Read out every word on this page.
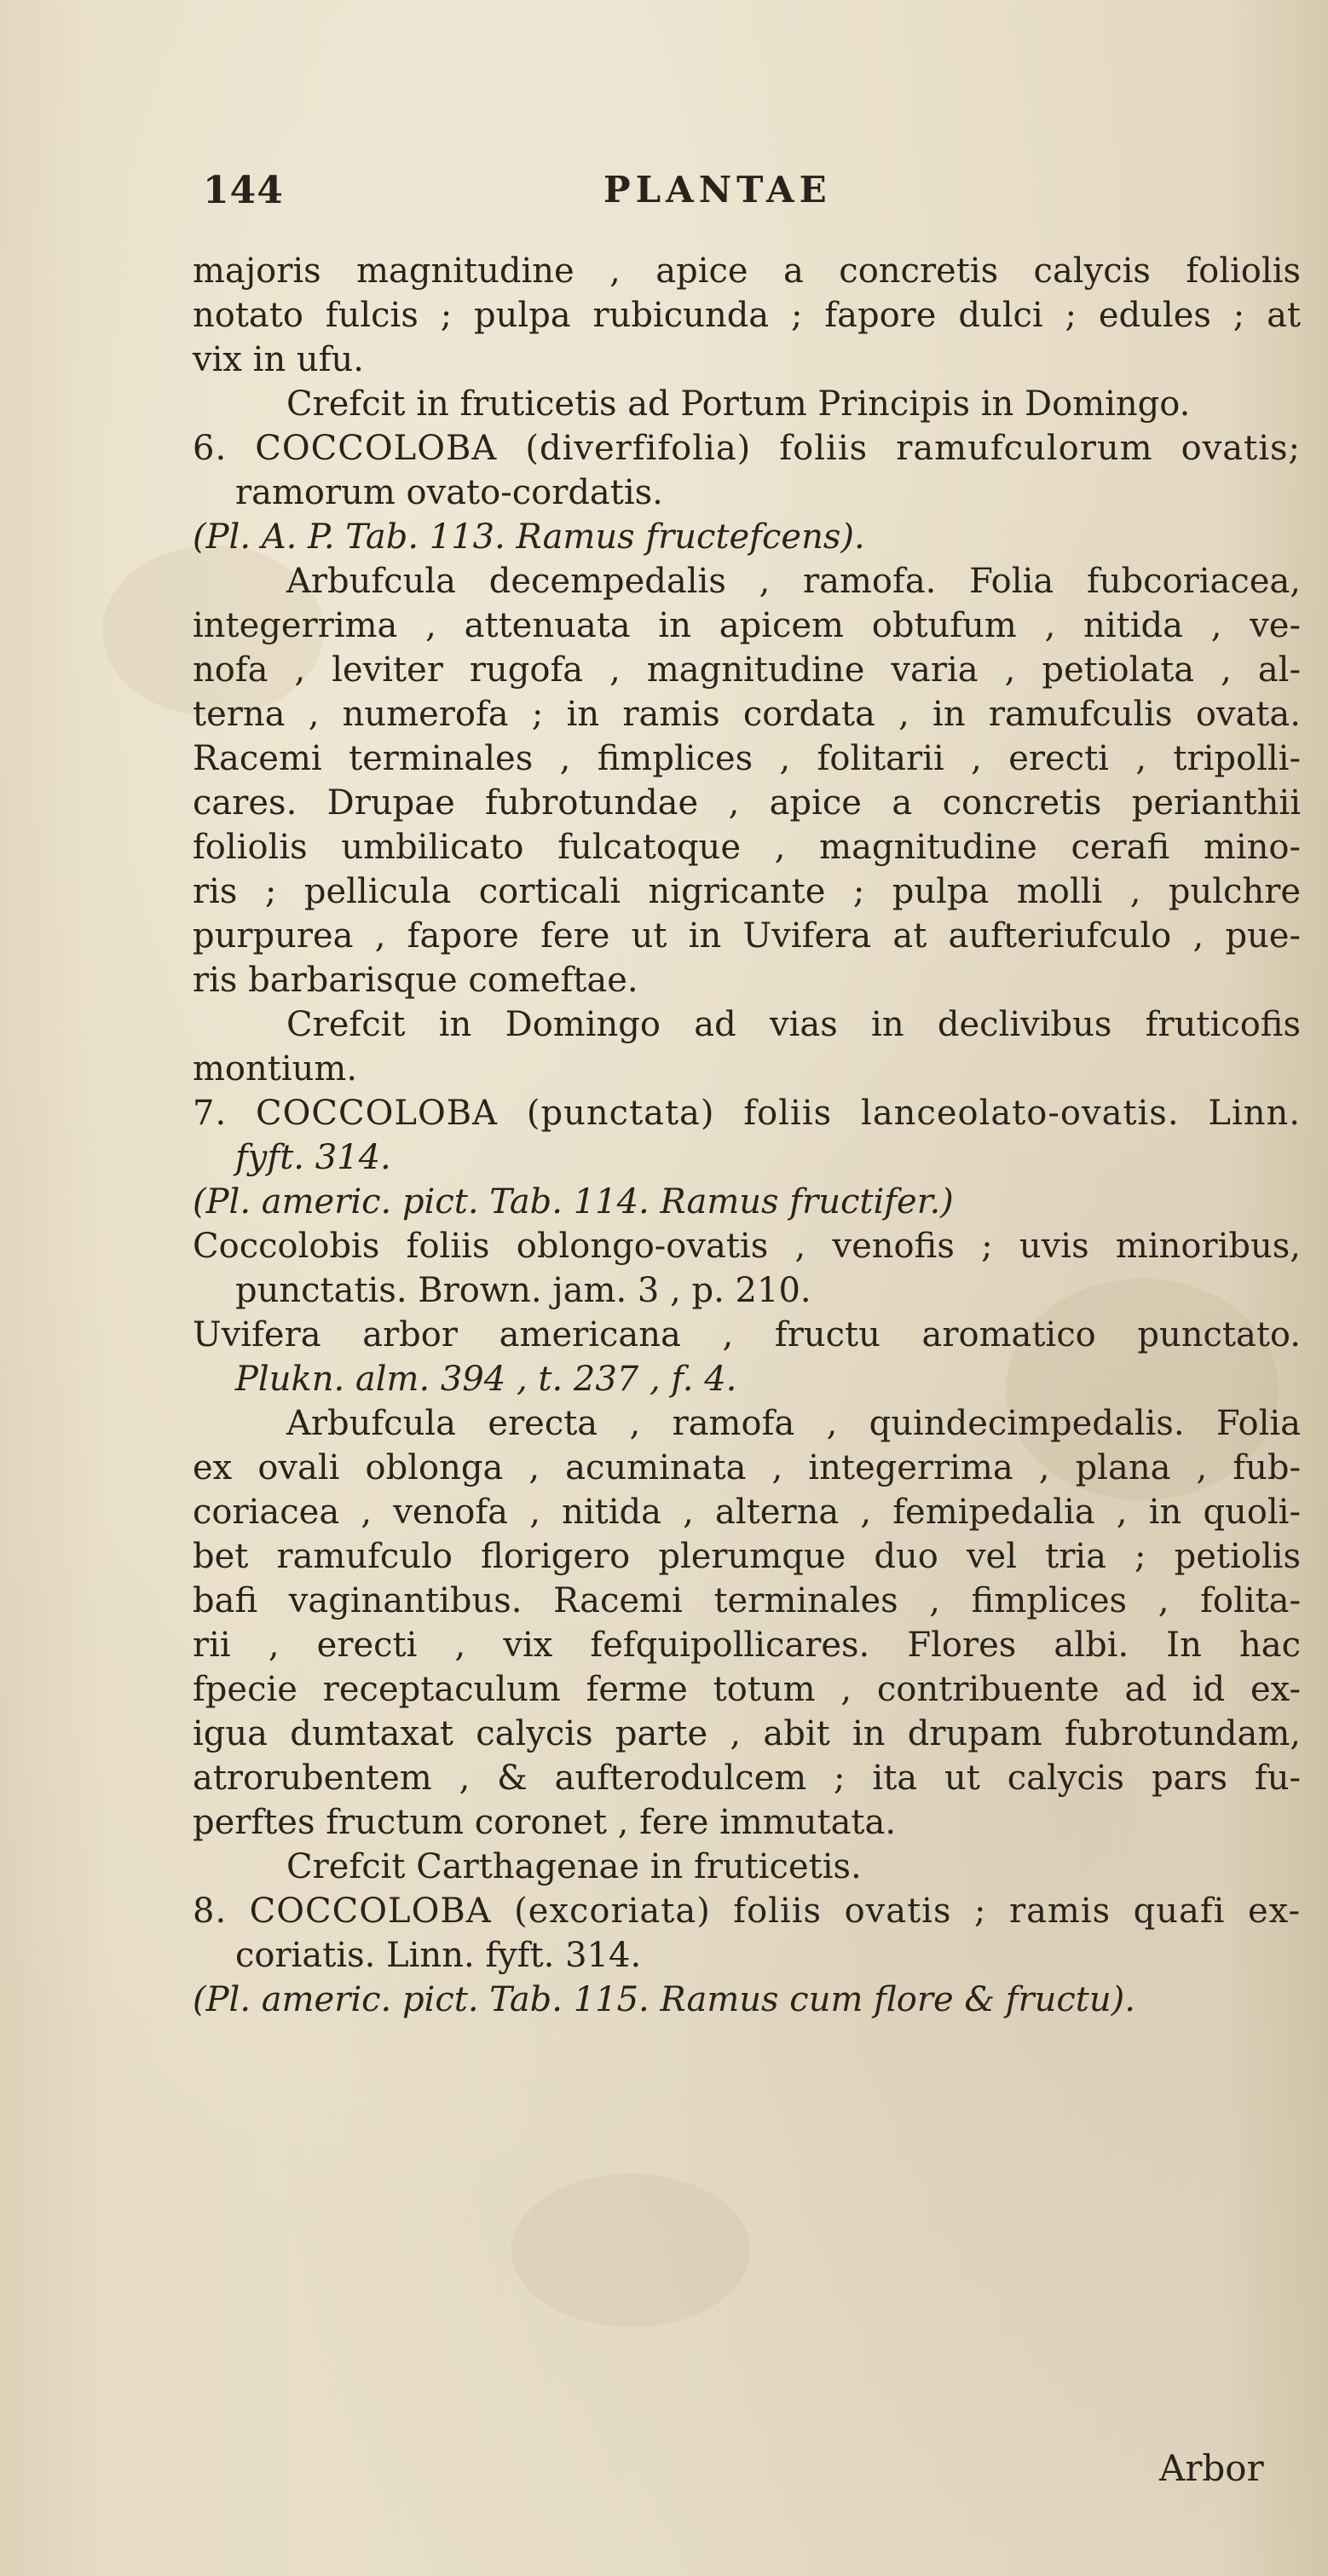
144	PLANTAE
majoris magnitudine , apice a concretis calycis foliolis
notato fulcis ; pulpa rubicunda ; fapore dulci ; edules ; at
vix in ufu.
Crefcit in fruticetis ad Portum Principis in Domingo.
6. COCCOLOBA (diverfifolia) foliis ramufculorum ovatis;
ramorum ovato-cordatis.
(Pl. A. P. Tab. 113. Ramus fructefcens).
Arbufcula decempedalis , ramofa. Folia fubcoriacea,
integerrima , attenuata in apicem obtufum , nitida , ve-
nofa , leviter rugofa , magnitudine varia , petiolata , al-
terna , numerofa ; in ramis cordata , in ramufculis ovata.
Racemi terminales , fimplices , folitarii , erecti , tripolli-
cares. Drupae fubrotundae , apice a concretis perianthii
foliolis umbilicato fulcatoque , magnitudine cerafi mino-
ris ; pellicula corticali nigricante ; pulpa molli , pulchre
purpurea , fapore fere ut in Uvifera at aufteriufculo , pue-
ris barbarisque comeftae.
Crefcit in Domingo ad vias in declivibus fruticofis
montium.
7. COCCOLOBA (punctata) foliis lanceolato-ovatis. Linn.
fyft. 314.
(Pl. americ. pict. Tab. 114. Ramus fructifer.)
Coccolobis foliis oblongo-ovatis , venofis ; uvis minoribus,
punctatis. Brown. jam. 3 , p. 210.
Uvifera arbor americana , fructu aromatico punctato.
Plukn. alm. 394 , t. 237 , f. 4.
Arbufcula erecta , ramofa , quindecimpedalis. Folia
ex ovali oblonga , acuminata , integerrima , plana , fub-
coriacea , venofa , nitida , alterna , femipedalia , in quoli-
bet ramufculo florigero plerumque duo vel tria ; petiolis
bafi vaginantibus. Racemi terminales , fimplices , folita-
rii , erecti , vix fefquipollicares. Flores albi. In hac
fpecie receptaculum ferme totum , contribuente ad id ex-
igua dumtaxat calycis parte , abit in drupam fubrotundam,
atrorubentem , & aufterodulcem ; ita ut calycis pars fu-
perftes fructum coronet , fere immutata.
Crefcit Carthagenae in fruticetis.
8. COCCOLOBA (excoriata) foliis ovatis ; ramis quafi ex-
coriatis. Linn. fyft. 314.
(Pl. americ. pict. Tab. 115. Ramus cum flore & fructu).
Arbor
